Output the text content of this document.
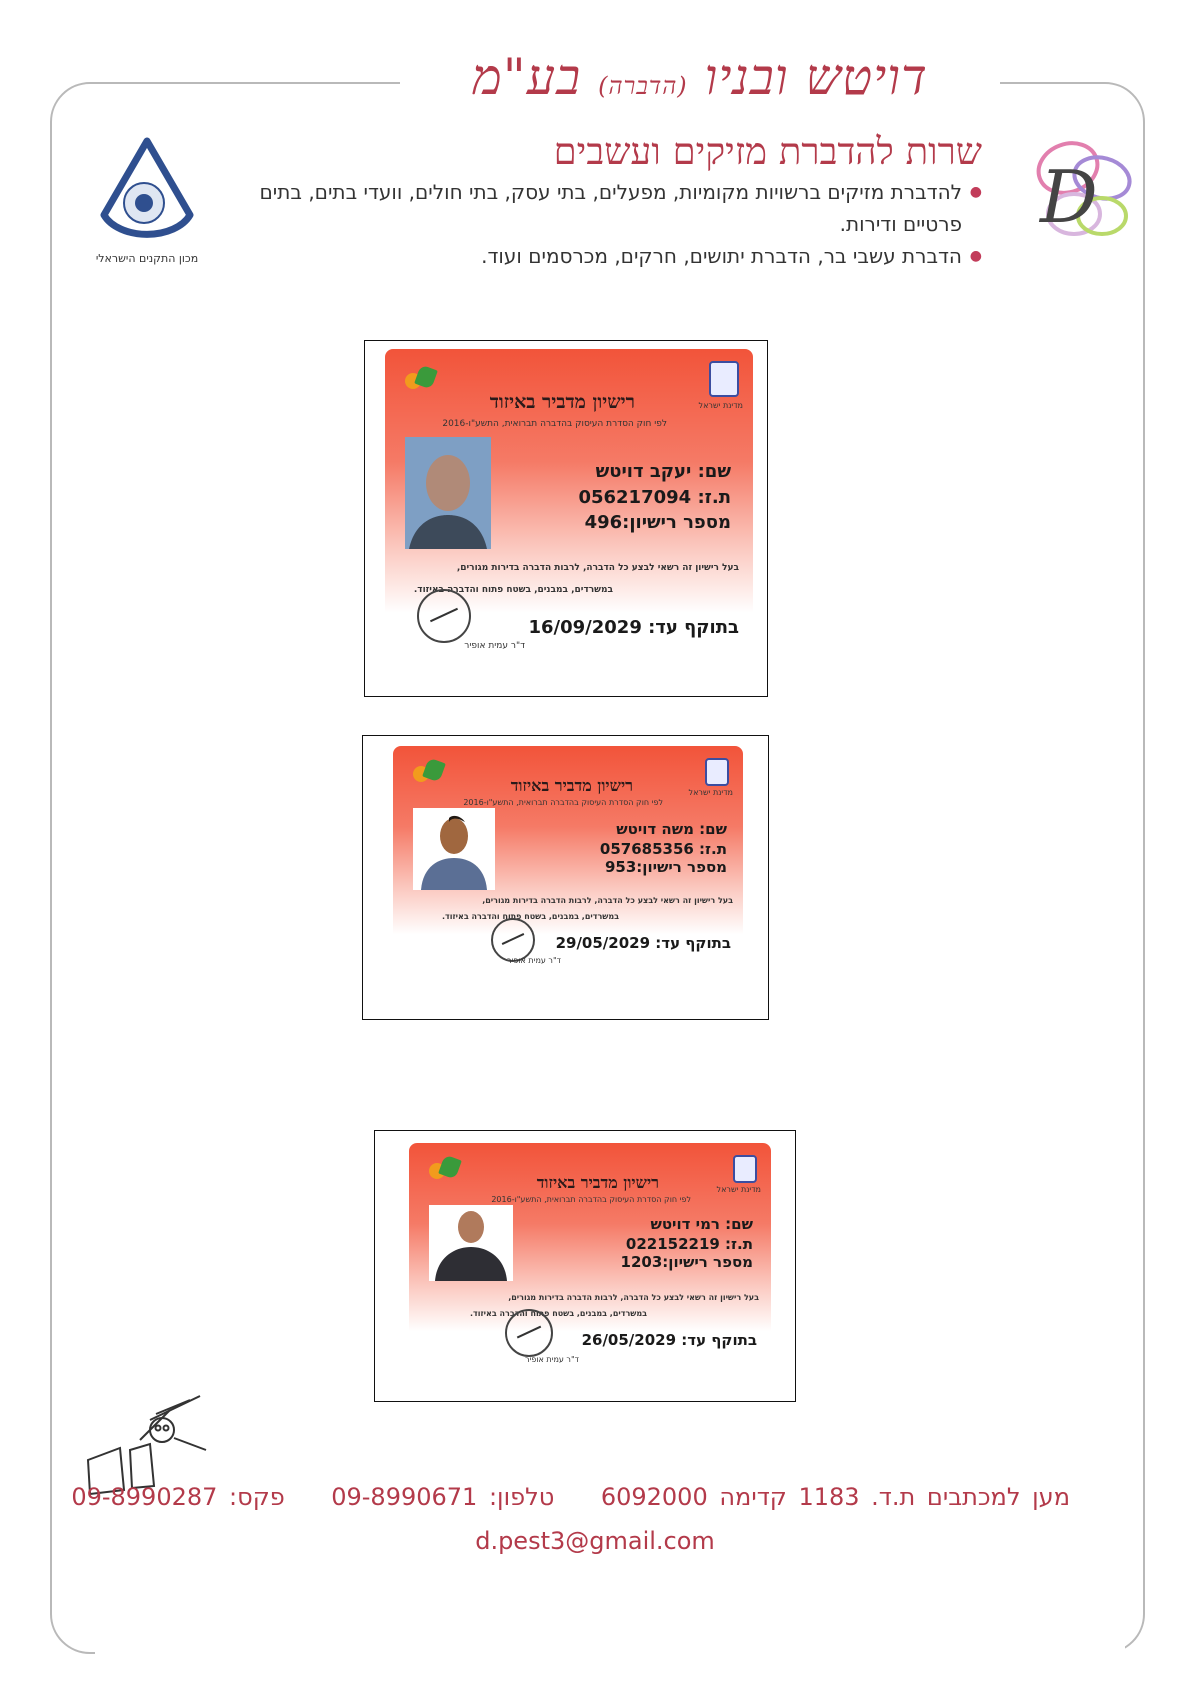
דויטש ובניו (הדברה) בע"מ
שרות להדברת מזיקים ועשבים
● להדברת מזיקים ברשויות מקומיות, מפעלים, בתי עסק, בתי חולים, וועדי בתים, בתים פרטיים ודירות.
● הדברת עשבי בר, הדברת יתושים, חרקים, מכרסמים ועוד.
D
מכון התקנים הישראלי
מדינת ישראל
רישיון מדביר באיזוד
לפי חוק הסדרת העיסוק בהדברה תברואית, התשע"ו-2016
שם: יעקב דויטש
ת.ז: 056217094
מספר רישיון:496
בעל רישיון זה רשאי לבצע כל הדברה, לרבות הדברה בדירות מגורים,
במשרדים, במבנים, בשטח פתוח והדברה באיזוד.
ד"ר עמית אופיר
בתוקף עד: 16/09/2029
מדינת ישראל
רישיון מדביר באיזוד
לפי חוק הסדרת העיסוק בהדברה תברואית, התשע"ו-2016
שם: משה דויטש
ת.ז: 057685356
מספר רישיון:953
בעל רישיון זה רשאי לבצע כל הדברה, לרבות הדברה בדירות מגורים,
במשרדים, במבנים, בשטח פתוח והדברה באיזוד.
ד"ר עמית אופיר
בתוקף עד: 29/05/2029
מדינת ישראל
רישיון מדביר באיזוד
לפי חוק הסדרת העיסוק בהדברה תברואית, התשע"ו-2016
שם: רמי דויטש
ת.ז: 022152219
מספר רישיון:1203
בעל רישיון זה רשאי לבצע כל הדברה, לרבות הדברה בדירות מגורים,
במשרדים, במבנים, בשטח פתוח והדברה באיזוד.
ד"ר עמית אופיר
בתוקף עד: 26/05/2029
מען למכתבים ת.ד. 1183 קדימה 6092000    טלפון: 09-8990671    פקס: 09-8990287
d.pest3@gmail.com
